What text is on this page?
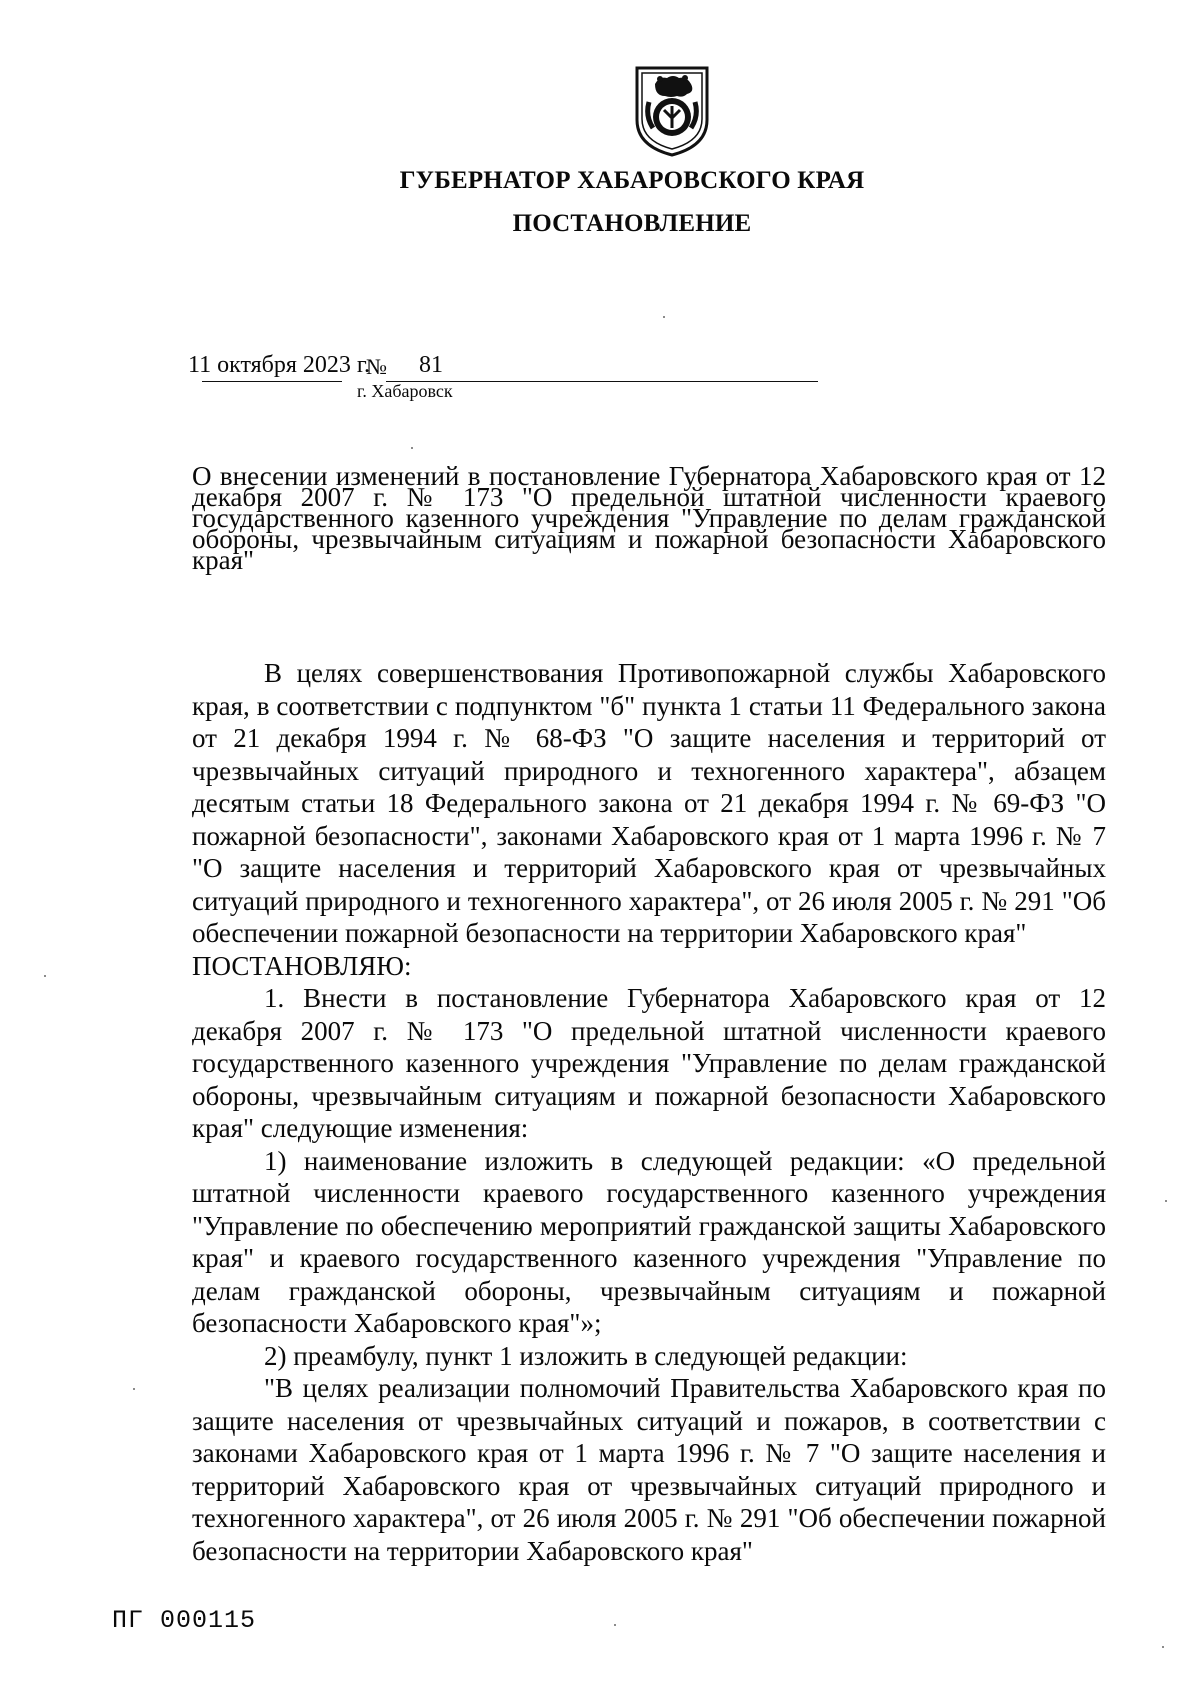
ГУБЕРНАТОР ХАБАРОВСКОГО КРАЯ
ПОСТАНОВЛЕНИЕ
11 октября 2023 г.
№ 81
г. Хабаровск
О внесении изменений в постановление Губернатора Хабаровского края от 12 декабря 2007 г. № 173 "О предельной штатной численности краевого государственного казенного учреждения "Управление по делам гражданской обороны, чрезвычайным ситуациям и пожарной безопасности Хабаровского края"

В целях совершенствования Противопожарной службы Хабаровского края, в соответствии с подпунктом "б" пункта 1 статьи 11 Федерального закона от 21 декабря 1994 г. № 68-ФЗ "О защите населения и территорий от чрезвычайных ситуаций природного и техногенного характера", абзацем десятым статьи 18 Федерального закона от 21 декабря 1994 г. № 69-ФЗ "О пожарной безопасности", законами Хабаровского края от 1 марта 1996 г. № 7 "О защите населения и территорий Хабаровского края от чрезвычайных ситуаций природного и техногенного характера", от 26 июля 2005 г. № 291 "Об обеспечении пожарной безопасности на территории Хабаровского края"

ПОСТАНОВЛЯЮ:

1. Внести в постановление Губернатора Хабаровского края от 12 декабря 2007 г. № 173 "О предельной штатной численности краевого государственного казенного учреждения "Управление по делам гражданской обороны, чрезвычайным ситуациям и пожарной безопасности Хабаровского края" следующие изменения:

1) наименование изложить в следующей редакции: «О предельной штатной численности краевого государственного казенного учреждения "Управление по обеспечению мероприятий гражданской защиты Хабаровского края" и краевого государственного казенного учреждения "Управление по делам гражданской обороны, чрезвычайным ситуациям и пожарной безопасности Хабаровского края"»;

2) преамбулу, пункт 1 изложить в следующей редакции:

"В целях реализации полномочий Правительства Хабаровского края по защите населения от чрезвычайных ситуаций и пожаров, в соответствии с законами Хабаровского края от 1 марта 1996 г. № 7 "О защите населения и территорий Хабаровского края от чрезвычайных ситуаций природного и техногенного характера", от 26 июля 2005 г. № 291 "Об обеспечении пожарной безопасности на территории Хабаровского края"

ПГ 000115
